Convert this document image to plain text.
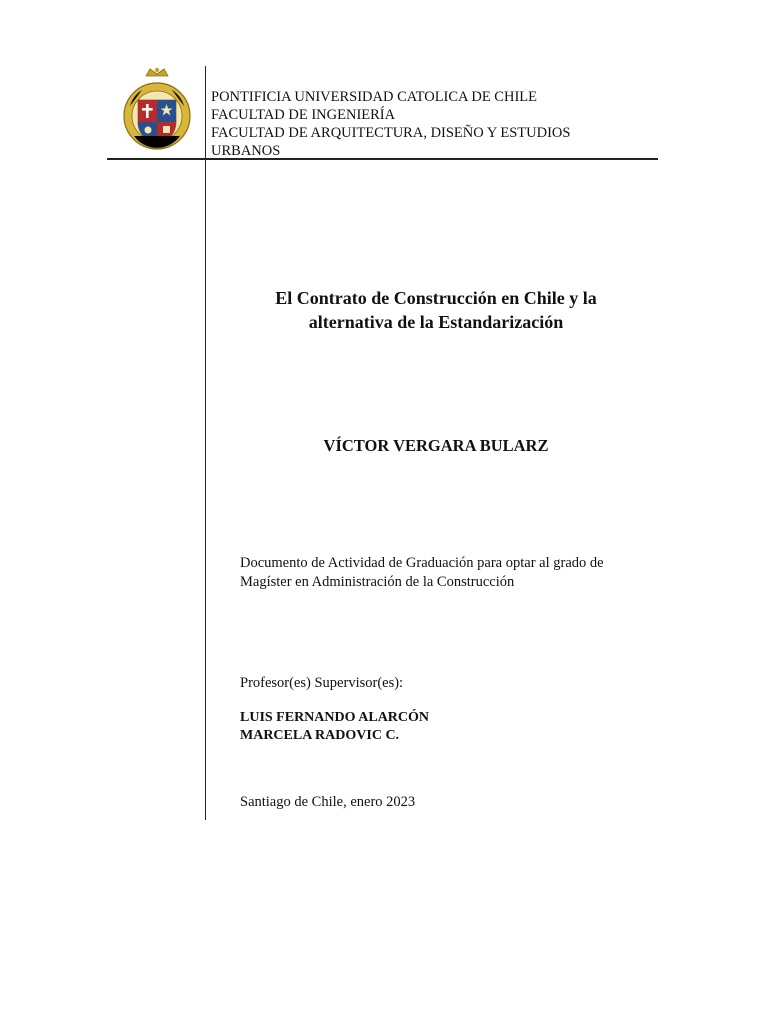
PONTIFICIA UNIVERSIDAD CATOLICA DE CHILE
FACULTAD DE INGENIERÍA
FACULTAD DE ARQUITECTURA, DISEÑO Y ESTUDIOS
URBANOS
El Contrato de Construcción en Chile y la
alternativa de la Estandarización
VÍCTOR VERGARA BULARZ
Documento de Actividad de Graduación para optar al grado de
Magíster en Administración de la Construcción
Profesor(es) Supervisor(es):
LUIS FERNANDO ALARCÓN
MARCELA RADOVIC C.
Santiago de Chile, enero 2023
